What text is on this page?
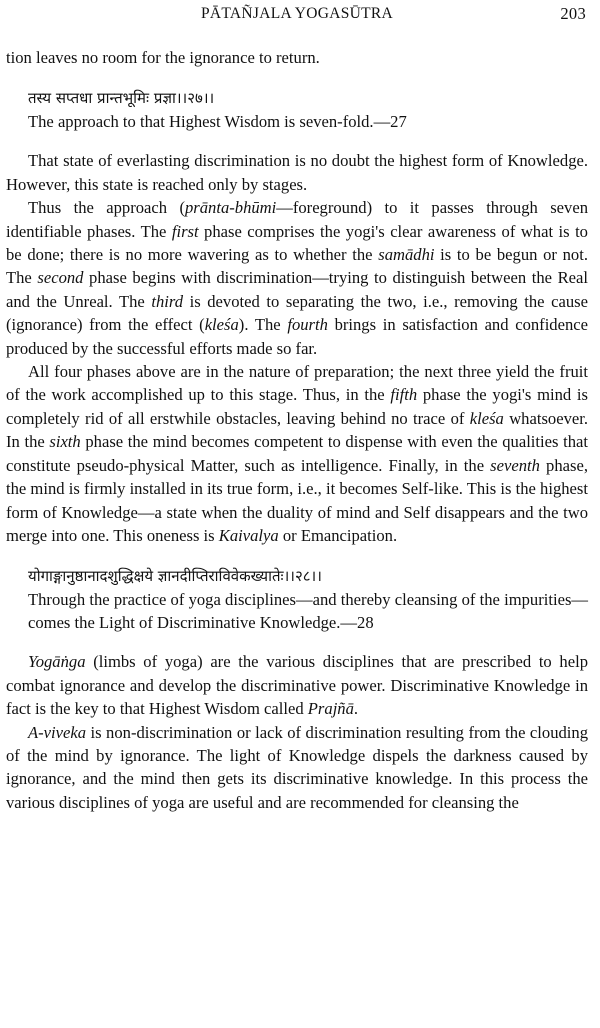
PĀTAÑJALA YOGASŪTRA	203

tion leaves no room for the ignorance to return.

तस्य सप्तधा प्रान्तभूमिः प्रज्ञा।।२७।।

The approach to that Highest Wisdom is seven-fold.—27

That state of everlasting discrimination is no doubt the highest form of Knowledge. However, this state is reached only by stages.

Thus the approach (prānta-bhūmi—foreground) to it passes through seven identifiable phases. The first phase comprises the yogi's clear awareness of what is to be done; there is no more wavering as to whether the samādhi is to be begun or not. The second phase begins with discrimination—trying to distinguish between the Real and the Unreal. The third is devoted to separating the two, i.e., removing the cause (ignorance) from the effect (kleśa). The fourth brings in satisfaction and confidence produced by the successful efforts made so far.

All four phases above are in the nature of preparation; the next three yield the fruit of the work accomplished up to this stage. Thus, in the fifth phase the yogi's mind is completely rid of all erstwhile obstacles, leaving behind no trace of kleśa whatsoever. In the sixth phase the mind becomes competent to dispense with even the qualities that constitute pseudo-physical Matter, such as intelligence. Finally, in the seventh phase, the mind is firmly installed in its true form, i.e., it becomes Self-like. This is the highest form of Knowledge—a state when the duality of mind and Self disappears and the two merge into one. This oneness is Kaivalya or Emancipation.

योगाङ्गानुष्ठानादशुद्धिक्षये ज्ञानदीप्तिराविवेकख्यातेः।।२८।।

Through the practice of yoga disciplines—and thereby cleansing of the impurities—comes the Light of Discriminative Knowledge.—28

Yogāṅga (limbs of yoga) are the various disciplines that are prescribed to help combat ignorance and develop the discriminative power. Discriminative Knowledge in fact is the key to that Highest Wisdom called Prajñā.

A-viveka is non-discrimination or lack of discrimination resulting from the clouding of the mind by ignorance. The light of Knowledge dispels the darkness caused by ignorance, and the mind then gets its discriminative knowledge. In this process the various disciplines of yoga are useful and are recommended for cleansing the
